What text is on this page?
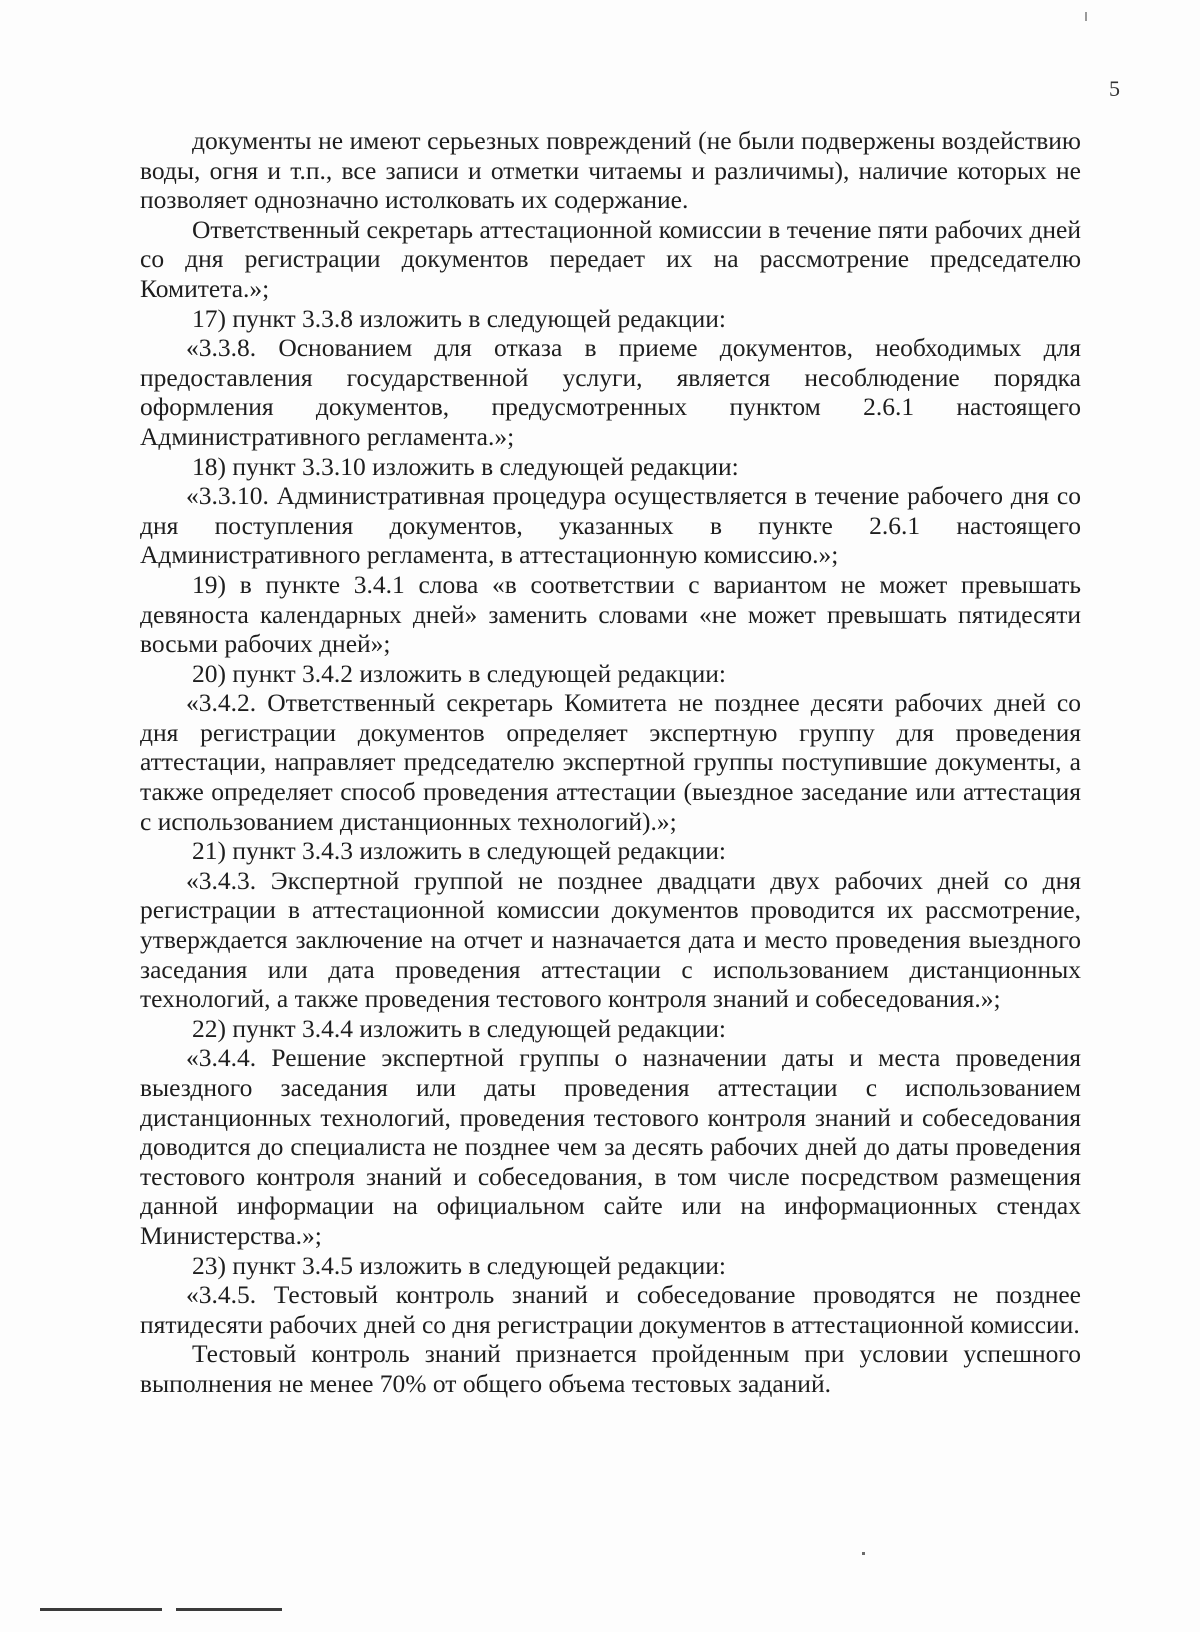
5

документы не имеют серьезных повреждений (не были подвержены воздействию воды, огня и т.п., все записи и отметки читаемы и различимы), наличие которых не позволяет однозначно истолковать их содержание.

Ответственный секретарь аттестационной комиссии в течение пяти рабочих дней со дня регистрации документов передает их на рассмотрение председателю Комитета.»;

17) пункт 3.3.8 изложить в следующей редакции:

«3.3.8. Основанием для отказа в приеме документов, необходимых для предоставления государственной услуги, является несоблюдение порядка оформления документов, предусмотренных пунктом 2.6.1 настоящего Административного регламента.»;

18) пункт 3.3.10 изложить в следующей редакции:

«3.3.10. Административная процедура осуществляется в течение рабочего дня со дня поступления документов, указанных в пункте 2.6.1 настоящего Административного регламента, в аттестационную комиссию.»;

19) в пункте 3.4.1 слова «в соответствии с вариантом не может превышать девяноста календарных дней» заменить словами «не может превышать пятидесяти восьми рабочих дней»;

20) пункт 3.4.2 изложить в следующей редакции:

«3.4.2. Ответственный секретарь Комитета не позднее десяти рабочих дней со дня регистрации документов определяет экспертную группу для проведения аттестации, направляет председателю экспертной группы поступившие документы, а также определяет способ проведения аттестации (выездное заседание или аттестация с использованием дистанционных технологий).»;

21) пункт 3.4.3 изложить в следующей редакции:

«3.4.3. Экспертной группой не позднее двадцати двух рабочих дней со дня регистрации в аттестационной комиссии документов проводится их рассмотрение, утверждается заключение на отчет и назначается дата и место проведения выездного заседания или дата проведения аттестации с использованием дистанционных технологий, а также проведения тестового контроля знаний и собеседования.»;

22) пункт 3.4.4 изложить в следующей редакции:

«3.4.4. Решение экспертной группы о назначении даты и места проведения выездного заседания или даты проведения аттестации с использованием дистанционных технологий, проведения тестового контроля знаний и собеседования доводится до специалиста не позднее чем за десять рабочих дней до даты проведения тестового контроля знаний и собеседования, в том числе посредством размещения данной информации на официальном сайте или на информационных стендах Министерства.»;

23) пункт 3.4.5 изложить в следующей редакции:

«3.4.5. Тестовый контроль знаний и собеседование проводятся не позднее пятидесяти рабочих дней со дня регистрации документов в аттестационной комиссии.

Тестовый контроль знаний признается пройденным при условии успешного выполнения не менее 70% от общего объема тестовых заданий.
